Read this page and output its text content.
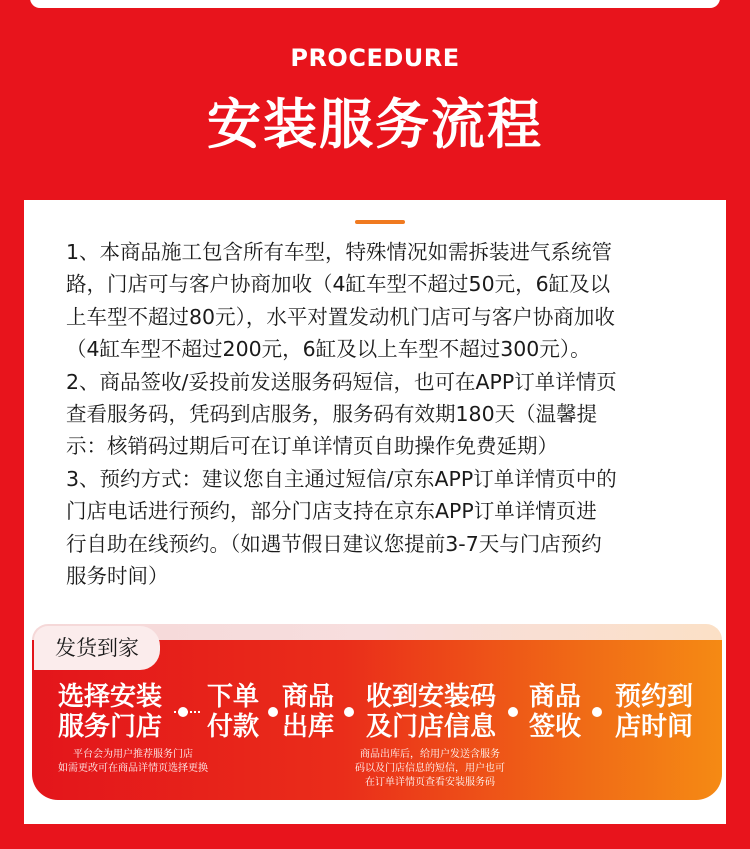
PROCEDURE
安装服务流程

1、本商品施工包含所有车型，特殊情况如需拆装进气系统管

路，门店可与客户协商加收（4缸车型不超过50元，6缸及以

上车型不超过80元），水平对置发动机门店可与客户协商加收

（4缸车型不超过200元，6缸及以上车型不超过300元）。

2、商品签收/妥投前发送服务码短信，也可在APP订单详情页

查看服务码，凭码到店服务，服务码有效期180天（温馨提

示：核销码过期后可在订单详情页自助操作免费延期）

3、预约方式：建议您自主通过短信/京东APP订单详情页中的

门店电话进行预约，部分门店支持在京东APP订单详情页进

行自助在线预约。（如遇节假日建议您提前3-7天与门店预约

服务时间）

发货到家
选择安装
服务门店
下单
付款
商品
出库
收到安装码
及门店信息
商品
签收
预约到
店时间
平台会为用户推荐服务门店
如需更改可在商品详情页选择更换
商品出库后，给用户发送含服务
码以及门店信息的短信，用户也可
在订单详情页查看安装服务码
